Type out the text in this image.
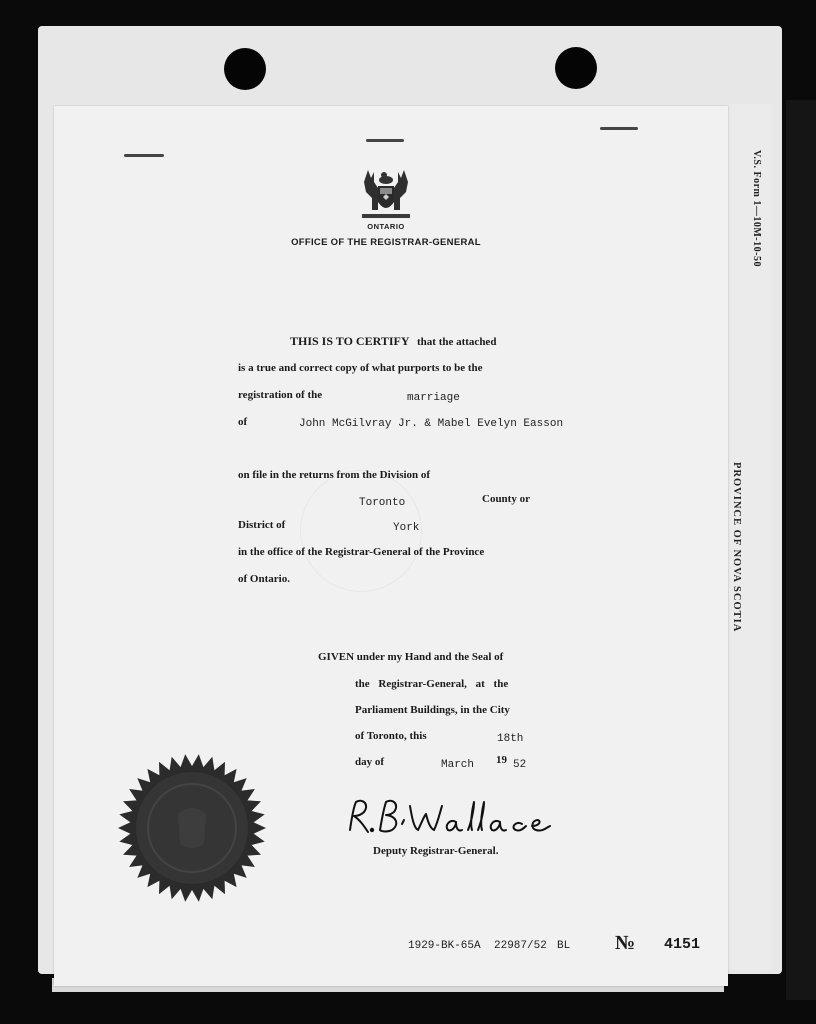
V.S. Form 1—10M-10-50
PROVINCE OF NOVA SCOTIA
ONTARIO
OFFICE OF THE REGISTRAR-GENERAL
THIS IS TO CERTIFY that the attached
is a true and correct copy of what purports to be the
registration of the	marriage
of	John McGilvray Jr. & Mabel Evelyn Easson
on file in the returns from the Division of
Toronto	County or
District of	York
in the office of the Registrar-General of the Province
of Ontario.
GIVEN under my Hand and the Seal of
the Registrar-General, at the
Parliament Buildings, in the City
of Toronto, this	18th
day of	March 19 52
Deputy Registrar-General.
1929-BK-65A 22987/52 BL № 4151
